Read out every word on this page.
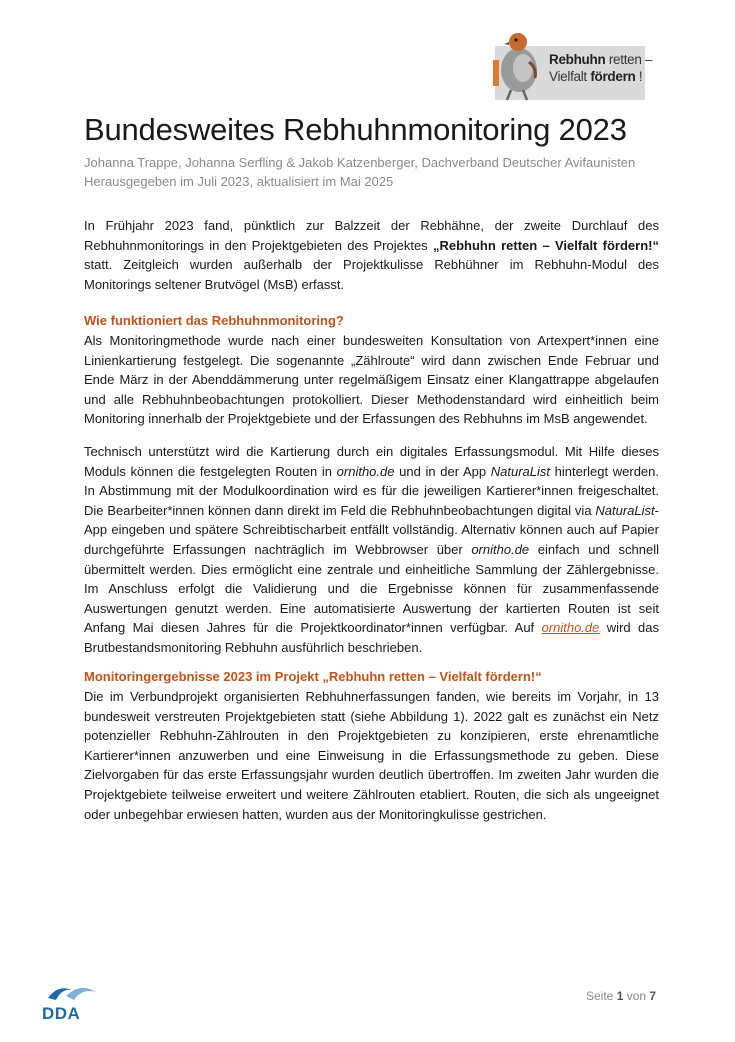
Rebhuhn retten –
Vielfalt fördern !
Bundesweites Rebhuhnmonitoring 2023
Johanna Trappe, Johanna Serfling & Jakob Katzenberger, Dachverband Deutscher Avifaunisten
Herausgegeben im Juli 2023, aktualisiert im Mai 2025

In Frühjahr 2023 fand, pünktlich zur Balzzeit der Rebhähne, der zweite Durchlauf des Rebhuhnmonitorings in den Projektgebieten des Projektes „Rebhuhn retten – Vielfalt fördern!“ statt. Zeitgleich wurden außerhalb der Projektkulisse Rebhühner im Rebhuhn-Modul des Monitorings seltener Brutvögel (MsB) erfasst.

Wie funktioniert das Rebhuhnmonitoring?

Als Monitoringmethode wurde nach einer bundesweiten Konsultation von Artexpert*innen eine Linienkartierung festgelegt. Die sogenannte „Zählroute“ wird dann zwischen Ende Februar und Ende März in der Abenddämmerung unter regelmäßigem Einsatz einer Klangattrappe abgelaufen und alle Rebhuhnbeobachtungen protokolliert. Dieser Methodenstandard wird einheitlich beim Monitoring innerhalb der Projektgebiete und der Erfassungen des Rebhuhns im MsB angewendet.

Technisch unterstützt wird die Kartierung durch ein digitales Erfassungsmodul. Mit Hilfe dieses Moduls können die festgelegten Routen in ornitho.de und in der App NaturaList hinterlegt werden. In Abstimmung mit der Modulkoordination wird es für die jeweiligen Kartierer*innen freigeschaltet. Die Bearbeiter*innen können dann direkt im Feld die Rebhuhnbeobachtungen digital via NaturaList-App eingeben und spätere Schreibtischarbeit entfällt vollständig. Alternativ können auch auf Papier durchgeführte Erfassungen nachträglich im Webbrowser über ornitho.de einfach und schnell übermittelt werden. Dies ermöglicht eine zentrale und einheitliche Sammlung der Zählergebnisse. Im Anschluss erfolgt die Validierung und die Ergebnisse können für zusammenfassende Auswertungen genutzt werden. Eine automatisierte Auswertung der kartierten Routen ist seit Anfang Mai diesen Jahres für die Projektkoordinator*innen verfügbar. Auf ornitho.de wird das Brutbestandsmonitoring Rebhuhn ausführlich beschrieben.

Monitoringergebnisse 2023 im Projekt „Rebhuhn retten – Vielfalt fördern!“

Die im Verbundprojekt organisierten Rebhuhnerfassungen fanden, wie bereits im Vorjahr, in 13 bundesweit verstreuten Projektgebieten statt (siehe Abbildung 1). 2022 galt es zunächst ein Netz potenzieller Rebhuhn-Zählrouten in den Projektgebieten zu konzipieren, erste ehrenamtliche Kartierer*innen anzuwerben und eine Einweisung in die Erfassungsmethode zu geben. Diese Zielvorgaben für das erste Erfassungsjahr wurden deutlich übertroffen. Im zweiten Jahr wurden die Projektgebiete teilweise erweitert und weitere Zählrouten etabliert. Routen, die sich als ungeeignet oder unbegehbar erwiesen hatten, wurden aus der Monitoringkulisse gestrichen.

DDA
Seite 1 von 7
